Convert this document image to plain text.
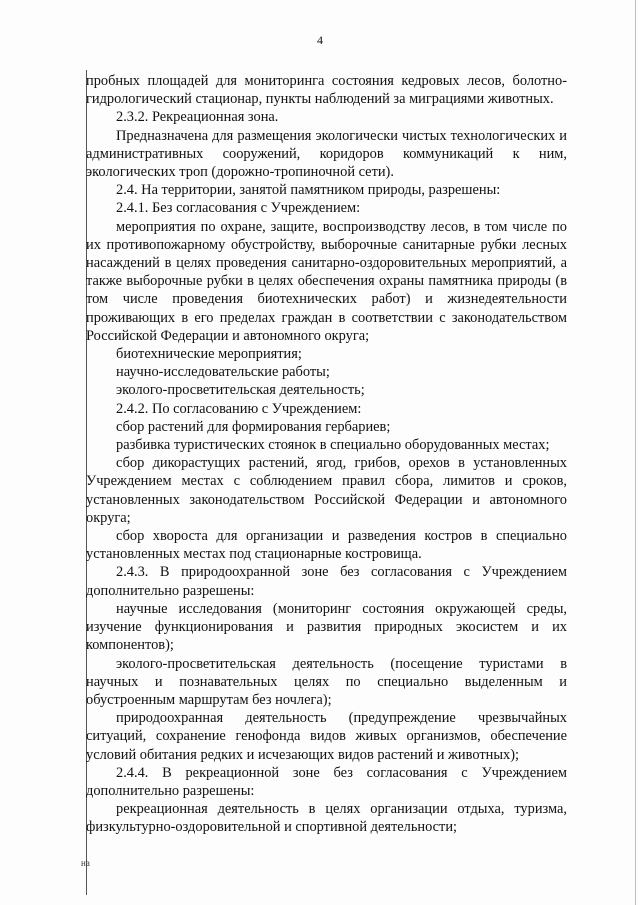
4

пробных площадей для мониторинга состояния кедровых лесов, болотно-гидрологический стационар, пункты наблюдений за миграциями животных.

2.3.2. Рекреационная зона.

Предназначена для размещения экологически чистых технологических и административных сооружений, коридоров коммуникаций к ним, экологических троп (дорожно-тропиночной сети).

2.4. На территории, занятой памятником природы, разрешены:

2.4.1. Без согласования с Учреждением:

мероприятия по охране, защите, воспроизводству лесов, в том числе по их противопожарному обустройству, выборочные санитарные рубки лесных насаждений в целях проведения санитарно-оздоровительных мероприятий, а также выборочные рубки в целях обеспечения охраны памятника природы (в том числе проведения биотехнических работ) и жизнедеятельности проживающих в его пределах граждан в соответствии с законодательством Российской Федерации и автономного округа;

биотехнические мероприятия;

научно-исследовательские работы;

эколого-просветительская деятельность;

2.4.2. По согласованию с Учреждением:

сбор растений для формирования гербариев;

разбивка туристических стоянок в специально оборудованных местах;

сбор дикорастущих растений, ягод, грибов, орехов в установленных Учреждением местах с соблюдением правил сбора, лимитов и сроков, установленных законодательством Российской Федерации и автономного округа;

сбор хвороста для организации и разведения костров в специально установленных местах под стационарные костровища.

2.4.3. В природоохранной зоне без согласования с Учреждением дополнительно разрешены:

научные исследования (мониторинг состояния окружающей среды, изучение функционирования и развития природных экосистем и их компонентов);

эколого-просветительская деятельность (посещение туристами в научных и познавательных целях по специально выделенным и обустроенным маршрутам без ночлега);

природоохранная деятельность (предупреждение чрезвычайных ситуаций, сохранение генофонда видов живых организмов, обеспечение условий обитания редких и исчезающих видов растений и животных);

2.4.4. В рекреационной зоне без согласования с Учреждением дополнительно разрешены:

рекреационная деятельность в целях организации отдыха, туризма, физкультурно-оздоровительной и спортивной деятельности;

на
